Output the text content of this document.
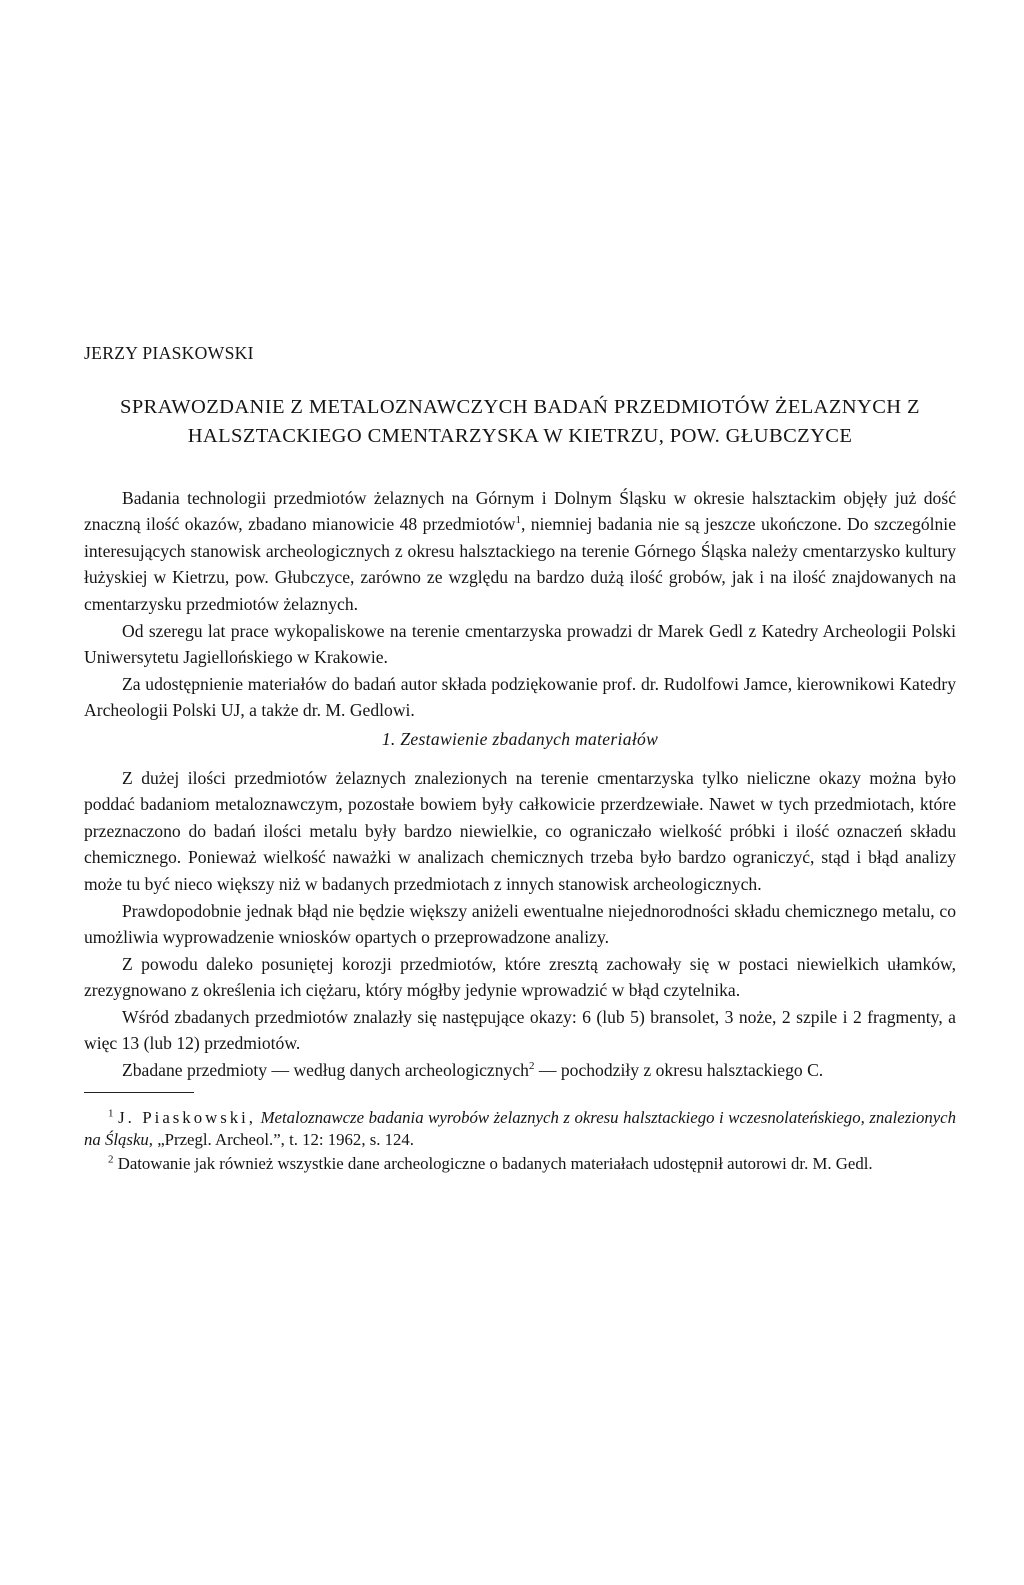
JERZY PIASKOWSKI
SPRAWOZDANIE Z METALOZNAWCZYCH BADAŃ PRZEDMIOTÓW ŻELAZNYCH Z HALSZTACKIEGO CMENTARZYSKA W KIETRZU, POW. GŁUBCZYCE

Badania technologii przedmiotów żelaznych na Górnym i Dolnym Śląsku w okresie halsztackim objęły już dość znaczną ilość okazów, zbadano mianowicie 48 przedmiotów$^1$, niemniej badania nie są jeszcze ukończone. Do szczególnie interesujących stanowisk archeologicznych z okresu halsztackiego na terenie Górnego Śląska należy cmentarzysko kultury łużyskiej w Kietrzu, pow. Głubczyce, zarówno ze względu na bardzo dużą ilość grobów, jak i na ilość znajdowanych na cmentarzysku przedmiotów żelaznych.

Od szeregu lat prace wykopaliskowe na terenie cmentarzyska prowadzi dr Marek Gedl z Katedry Archeologii Polski Uniwersytetu Jagiellońskiego w Krakowie.

Za udostępnienie materiałów do badań autor składa podziękowanie prof. dr. Rudolfowi Jamce, kierownikowi Katedry Archeologii Polski UJ, a także dr. M. Gedlowi.

1. Zestawienie zbadanych materiałów

Z dużej ilości przedmiotów żelaznych znalezionych na terenie cmentarzyska tylko nieliczne okazy można było poddać badaniom metaloznawczym, pozostałe bowiem były całkowicie przerdzewiałe. Nawet w tych przedmiotach, które przeznaczono do badań ilości metalu były bardzo niewielkie, co ograniczało wielkość próbki i ilość oznaczeń składu chemicznego. Ponieważ wielkość naważki w analizach chemicznych trzeba było bardzo ograniczyć, stąd i błąd analizy może tu być nieco większy niż w badanych przedmiotach z innych stanowisk archeologicznych.

Prawdopodobnie jednak błąd nie będzie większy aniżeli ewentualne niejednorodności składu chemicznego metalu, co umożliwia wyprowadzenie wniosków opartych o przeprowadzone analizy.

Z powodu daleko posuniętej korozji przedmiotów, które zresztą zachowały się w postaci niewielkich ułamków, zrezygnowano z określenia ich ciężaru, który mógłby jedynie wprowadzić w błąd czytelnika.

Wśród zbadanych przedmiotów znalazły się następujące okazy: 6 (lub 5) bransolet, 3 noże, 2 szpile i 2 fragmenty, a więc 13 (lub 12) przedmiotów.

Zbadane przedmioty — według danych archeologicznych$^2$ — pochodziły z okresu halsztackiego C.

$^1$ J. Piaskowski, Metaloznawcze badania wyrobów żelaznych z okresu halsztackiego i wczesnolateńskiego, znalezionych na Śląsku, „Przegl. Archeol.”, t. 12: 1962, s. 124.

$^2$ Datowanie jak również wszystkie dane archeologiczne o badanych materiałach udostępnił autorowi dr. M. Gedl.
